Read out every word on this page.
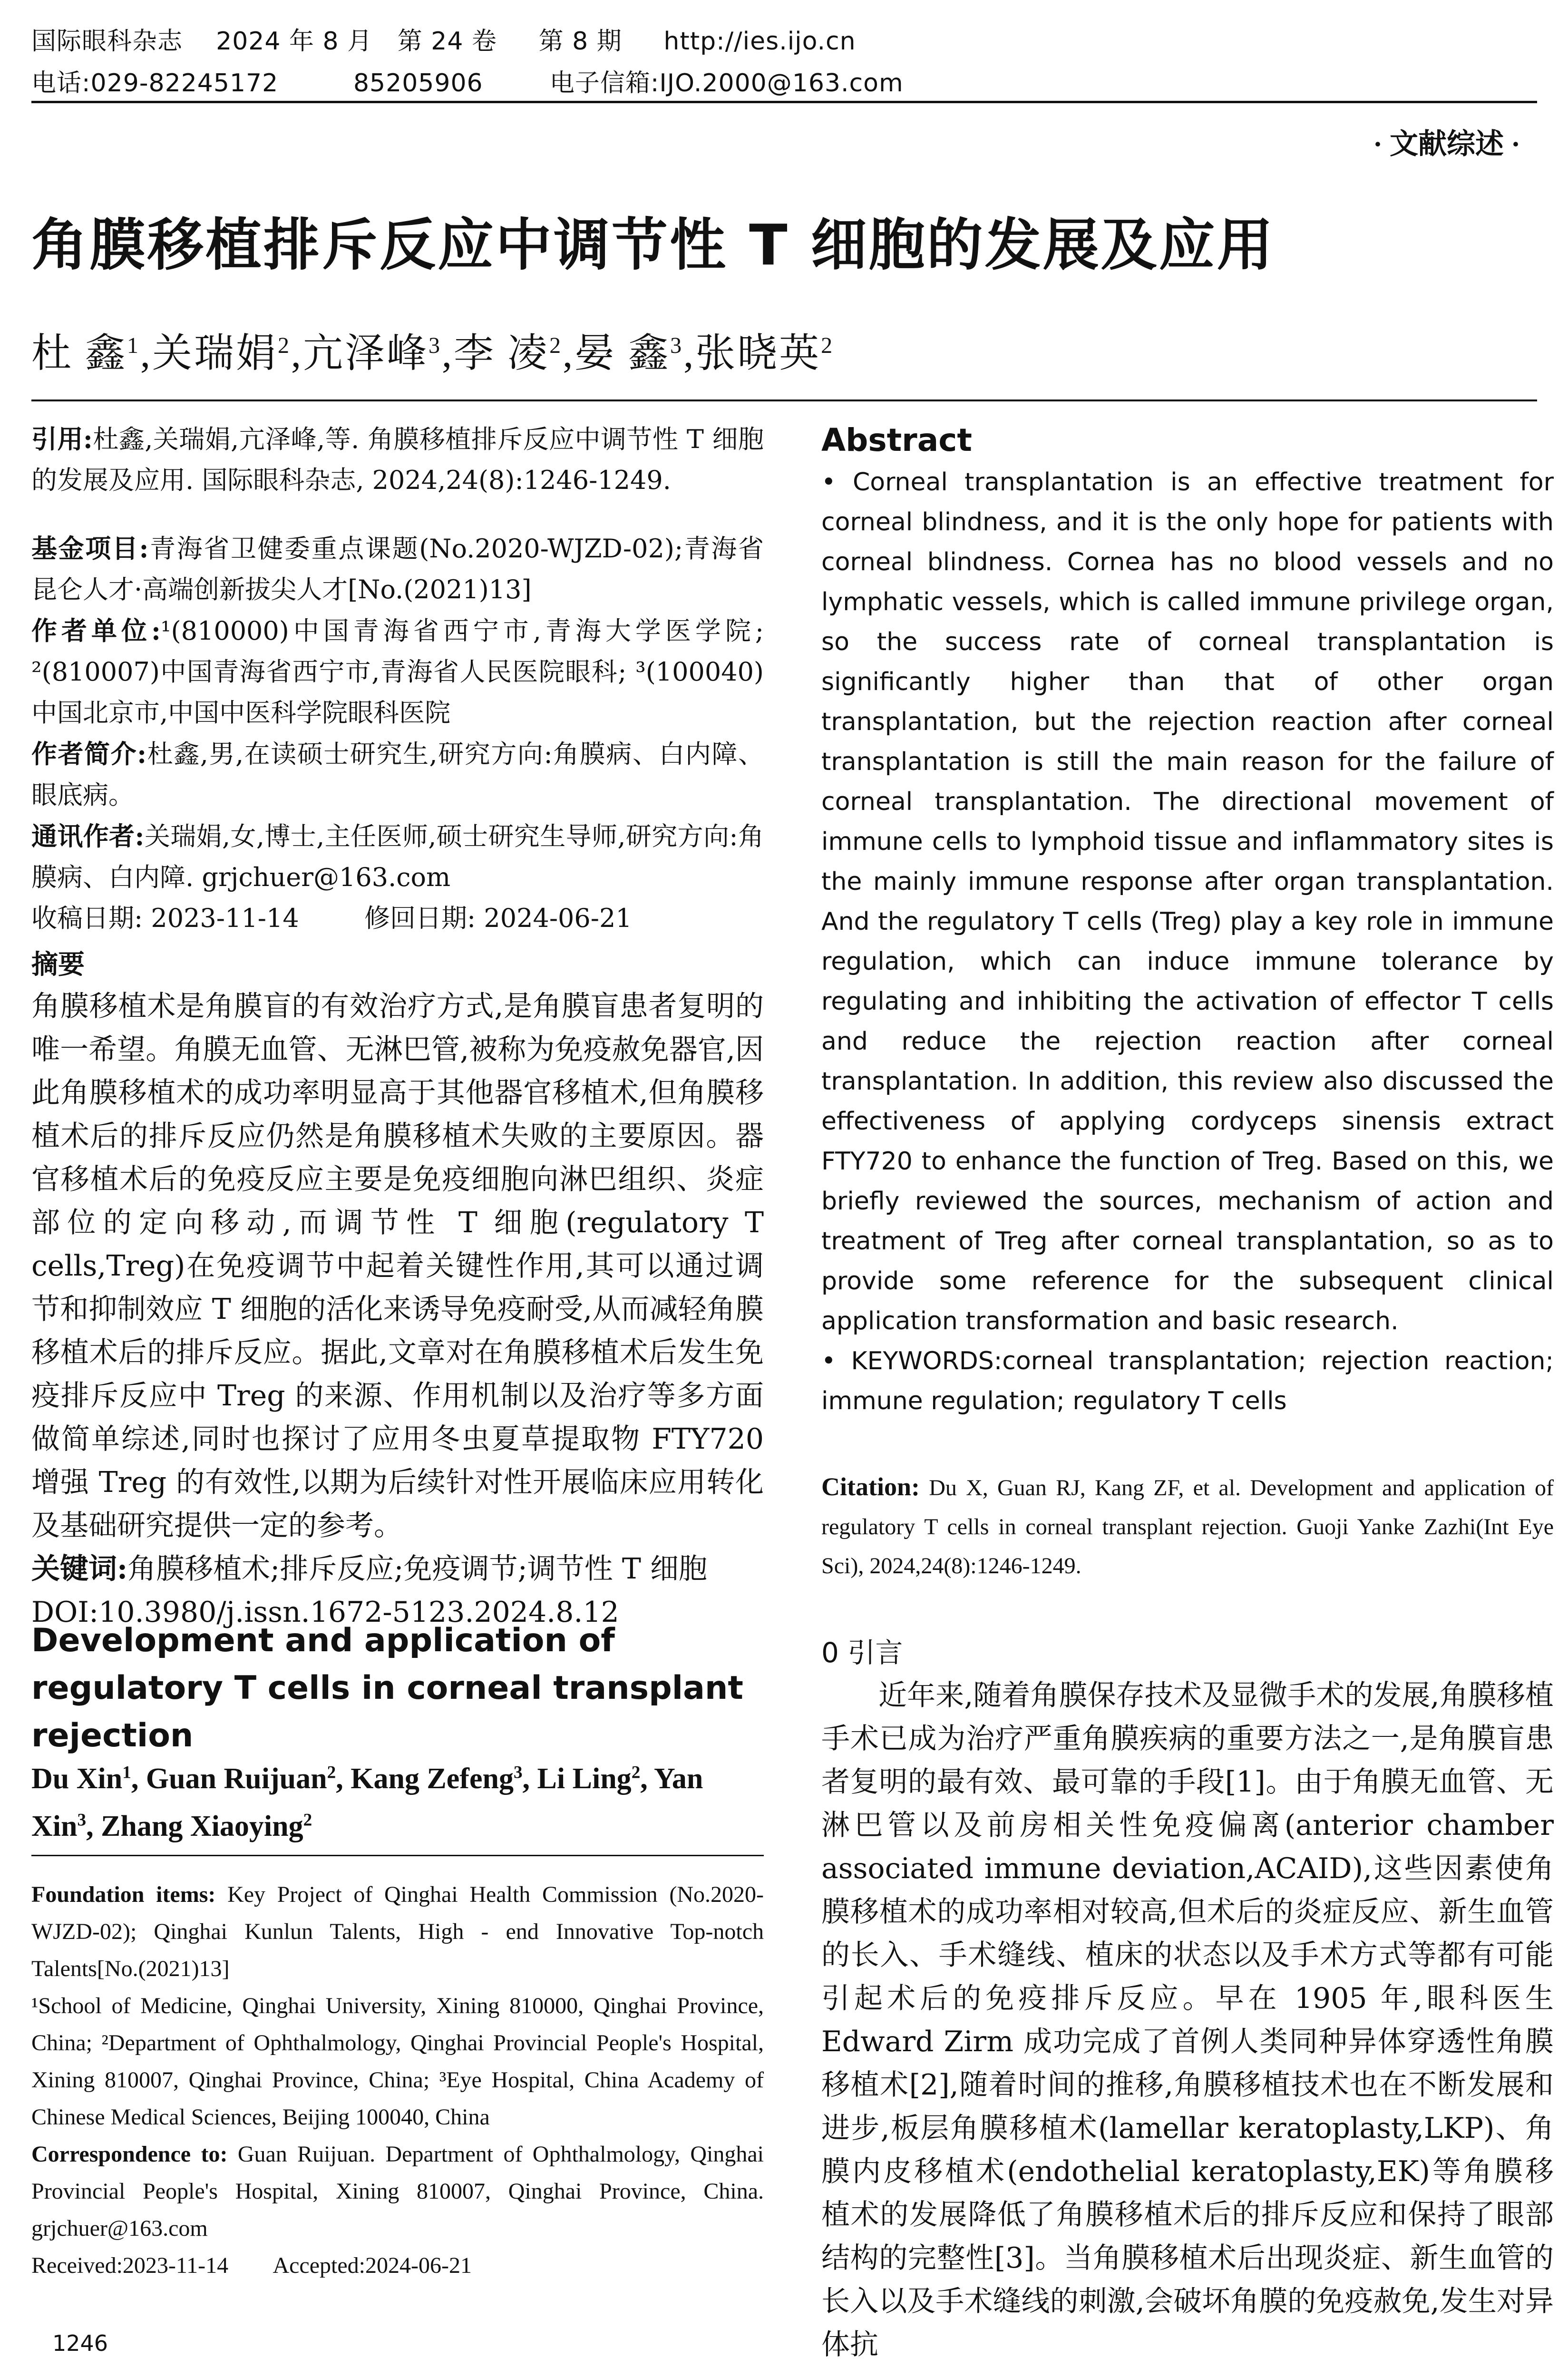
国际眼科杂志    2024 年 8 月   第 24 卷     第 8 期     http://ies.ijo.cn
电话:029-82245172         85205906        电子信箱:IJO.2000@163.com
· 文献综述 ·
角膜移植排斥反应中调节性 T 细胞的发展及应用
杜 鑫$^1$,关瑞娟$^2$,亢泽峰$^3$,李 凌$^2$,晏 鑫$^3$,张晓英$^2$
引用:杜鑫,关瑞娟,亢泽峰,等. 角膜移植排斥反应中调节性 T 细胞的发展及应用. 国际眼科杂志, 2024,24(8):1246-1249.
基金项目:青海省卫健委重点课题(No.2020-WJZD-02);青海省昆仑人才·高端创新拔尖人才[No.(2021)13]
作者单位:¹(810000)中国青海省西宁市,青海大学医学院; ²(810007)中国青海省西宁市,青海省人民医院眼科; ³(100040)中国北京市,中国中医科学院眼科医院
作者简介:杜鑫,男,在读硕士研究生,研究方向:角膜病、白内障、眼底病。
通讯作者:关瑞娟,女,博士,主任医师,硕士研究生导师,研究方向:角膜病、白内障. grjchuer@163.com
收稿日期: 2023-11-14	修回日期: 2024-06-21
摘要
角膜移植术是角膜盲的有效治疗方式,是角膜盲患者复明的唯一希望。角膜无血管、无淋巴管,被称为免疫赦免器官,因此角膜移植术的成功率明显高于其他器官移植术,但角膜移植术后的排斥反应仍然是角膜移植术失败的主要原因。器官移植术后的免疫反应主要是免疫细胞向淋巴组织、炎症部位的定向移动,而调节性 T 细胞(regulatory T cells,Treg)在免疫调节中起着关键性作用,其可以通过调节和抑制效应 T 细胞的活化来诱导免疫耐受,从而减轻角膜移植术后的排斥反应。据此,文章对在角膜移植术后发生免疫排斥反应中 Treg 的来源、作用机制以及治疗等多方面做简单综述,同时也探讨了应用冬虫夏草提取物 FTY720 增强 Treg 的有效性,以期为后续针对性开展临床应用转化及基础研究提供一定的参考。
关键词:角膜移植术;排斥反应;免疫调节;调节性 T 细胞
DOI:10.3980/j.issn.1672-5123.2024.8.12
Development and application of regulatory T cells in corneal transplant rejection
Du Xin$^1$, Guan Ruijuan$^2$, Kang Zefeng$^3$, Li Ling$^2$, Yan Xin$^3$, Zhang Xiaoying$^2$
Foundation items: Key Project of Qinghai Health Commission (No.2020-WJZD-02); Qinghai Kunlun Talents, High - end Innovative Top-notch Talents[No.(2021)13]
¹School of Medicine, Qinghai University, Xining 810000, Qinghai Province, China; ²Department of Ophthalmology, Qinghai Provincial People's Hospital, Xining 810007, Qinghai Province, China; ³Eye Hospital, China Academy of Chinese Medical Sciences, Beijing 100040, China
Correspondence to: Guan Ruijuan. Department of Ophthalmology, Qinghai Provincial People's Hospital, Xining 810007, Qinghai Province, China. grjchuer@163.com
Received:2023-11-14 Accepted:2024-06-21
1246
Abstract
• Corneal transplantation is an effective treatment for corneal blindness, and it is the only hope for patients with corneal blindness. Cornea has no blood vessels and no lymphatic vessels, which is called immune privilege organ, so the success rate of corneal transplantation is significantly higher than that of other organ transplantation, but the rejection reaction after corneal transplantation is still the main reason for the failure of corneal transplantation. The directional movement of immune cells to lymphoid tissue and inflammatory sites is the mainly immune response after organ transplantation. And the regulatory T cells (Treg) play a key role in immune regulation, which can induce immune tolerance by regulating and inhibiting the activation of effector T cells and reduce the rejection reaction after corneal transplantation. In addition, this review also discussed the effectiveness of applying cordyceps sinensis extract FTY720 to enhance the function of Treg. Based on this, we briefly reviewed the sources, mechanism of action and treatment of Treg after corneal transplantation, so as to provide some reference for the subsequent clinical application transformation and basic research.
• KEYWORDS:corneal transplantation; rejection reaction; immune regulation; regulatory T cells
Citation: Du X, Guan RJ, Kang ZF, et al. Development and application of regulatory T cells in corneal transplant rejection. Guoji Yanke Zazhi(Int Eye Sci), 2024,24(8):1246-1249.
0 引言
近年来,随着角膜保存技术及显微手术的发展,角膜移植手术已成为治疗严重角膜疾病的重要方法之一,是角膜盲患者复明的最有效、最可靠的手段[1]。由于角膜无血管、无淋巴管以及前房相关性免疫偏离(anterior chamber associated immune deviation,ACAID),这些因素使角膜移植术的成功率相对较高,但术后的炎症反应、新生血管的长入、手术缝线、植床的状态以及手术方式等都有可能引起术后的免疫排斥反应。早在 1905 年,眼科医生 Edward Zirm 成功完成了首例人类同种异体穿透性角膜移植术[2],随着时间的推移,角膜移植技术也在不断发展和进步,板层角膜移植术(lamellar keratoplasty,LKP)、角膜内皮移植术(endothelial keratoplasty,EK)等角膜移植术的发展降低了角膜移植术后的排斥反应和保持了眼部结构的完整性[3]。当角膜移植术后出现炎症、新生血管的长入以及手术缝线的刺激,会破坏角膜的免疫赦免,发生对异体抗
